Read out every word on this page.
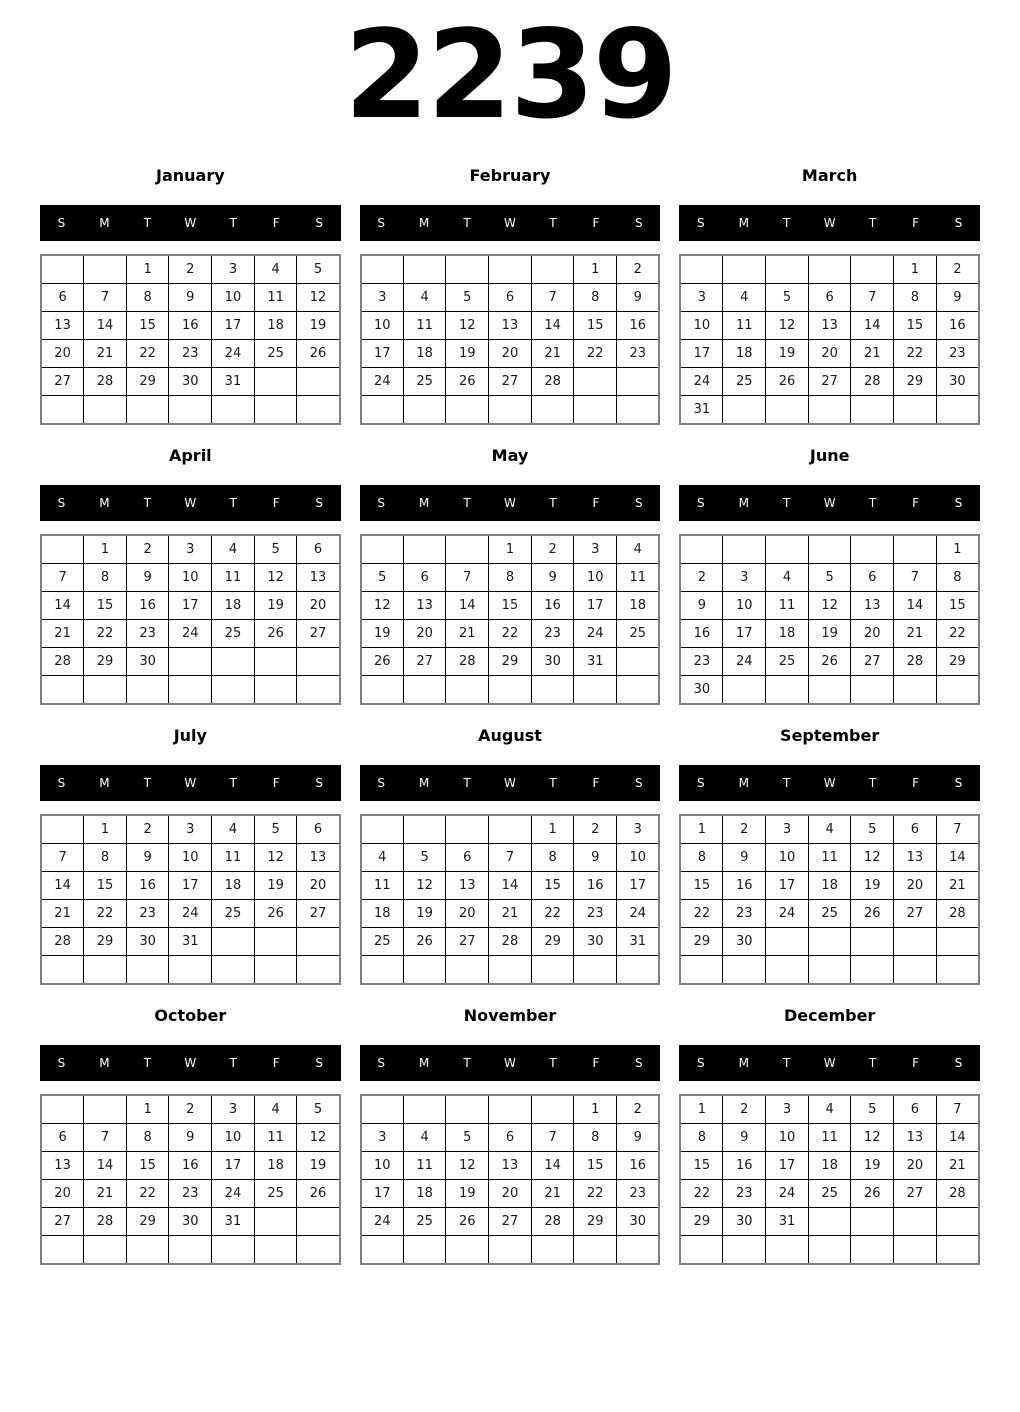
2239
January
S	M	T	W	T	F	S
		1	2	3	4	5
6	7	8	9	10	11	12
13	14	15	16	17	18	19
20	21	22	23	24	25	26
27	28	29	30	31		

February
S	M	T	W	T	F	S
					1	2
3	4	5	6	7	8	9
10	11	12	13	14	15	16
17	18	19	20	21	22	23
24	25	26	27	28		

March
S	M	T	W	T	F	S
					1	2
3	4	5	6	7	8	9
10	11	12	13	14	15	16
17	18	19	20	21	22	23
24	25	26	27	28	29	30
31						
April
S	M	T	W	T	F	S
	1	2	3	4	5	6
7	8	9	10	11	12	13
14	15	16	17	18	19	20
21	22	23	24	25	26	27
28	29	30				

May
S	M	T	W	T	F	S
			1	2	3	4
5	6	7	8	9	10	11
12	13	14	15	16	17	18
19	20	21	22	23	24	25
26	27	28	29	30	31	

June
S	M	T	W	T	F	S
						1
2	3	4	5	6	7	8
9	10	11	12	13	14	15
16	17	18	19	20	21	22
23	24	25	26	27	28	29
30						
July
S	M	T	W	T	F	S
	1	2	3	4	5	6
7	8	9	10	11	12	13
14	15	16	17	18	19	20
21	22	23	24	25	26	27
28	29	30	31			

August
S	M	T	W	T	F	S
				1	2	3
4	5	6	7	8	9	10
11	12	13	14	15	16	17
18	19	20	21	22	23	24
25	26	27	28	29	30	31

September
S	M	T	W	T	F	S
1	2	3	4	5	6	7
8	9	10	11	12	13	14
15	16	17	18	19	20	21
22	23	24	25	26	27	28
29	30					

October
S	M	T	W	T	F	S
		1	2	3	4	5
6	7	8	9	10	11	12
13	14	15	16	17	18	19
20	21	22	23	24	25	26
27	28	29	30	31		

November
S	M	T	W	T	F	S
					1	2
3	4	5	6	7	8	9
10	11	12	13	14	15	16
17	18	19	20	21	22	23
24	25	26	27	28	29	30

December
S	M	T	W	T	F	S
1	2	3	4	5	6	7
8	9	10	11	12	13	14
15	16	17	18	19	20	21
22	23	24	25	26	27	28
29	30	31				
